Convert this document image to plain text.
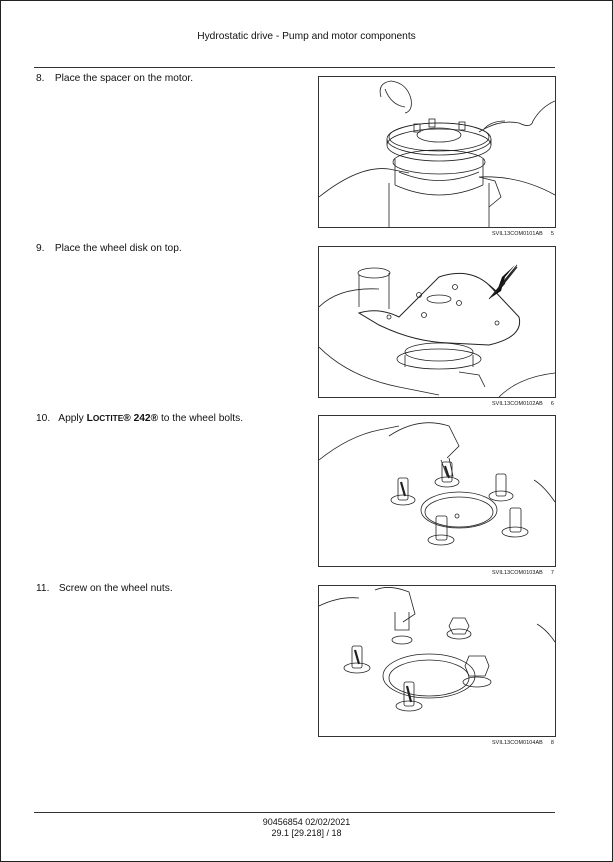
Hydrostatic drive - Pump and motor components
8. Place the spacer on the motor.
SVIL13COM0101AB 5
9. Place the wheel disk on top.
SVIL13COM0102AB 6
10. Apply LOCTITE® 242® to the wheel bolts.
SVIL13COM0103AB 7
11. Screw on the wheel nuts.
SVIL13COM0104AB 8
90456854 02/02/2021
29.1 [29.218] / 18
